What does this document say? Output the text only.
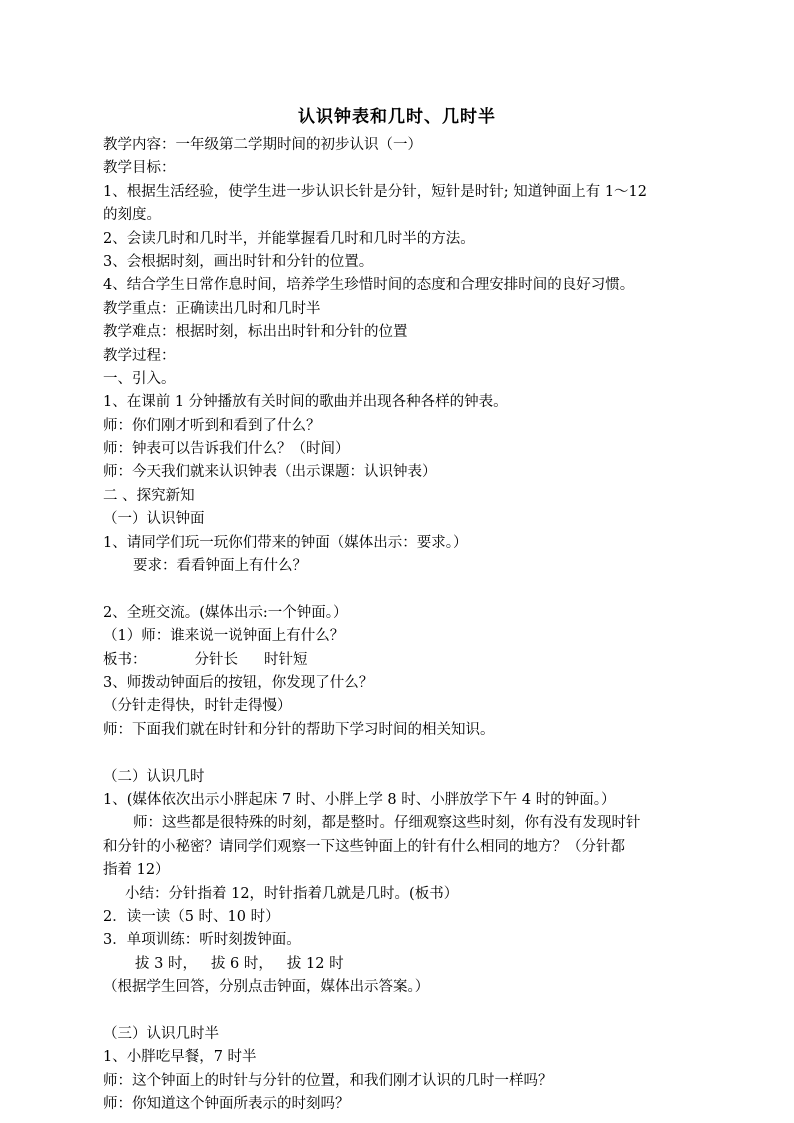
认识钟表和几时、几时半
教学内容：一年级第二学期时间的初步认识（一）
教学目标：
1、根据生活经验，使学生进一步认识长针是分针，短针是时针; 知道钟面上有 1～12
的刻度。
2、会读几时和几时半，并能掌握看几时和几时半的方法。
3、会根据时刻，画出时针和分针的位置。
4、结合学生日常作息时间，培养学生珍惜时间的态度和合理安排时间的良好习惯。
教学重点：正确读出几时和几时半
教学难点：根据时刻，标出出时针和分针的位置
教学过程：
一、引入。
1、在课前 1 分钟播放有关时间的歌曲并出现各种各样的钟表。
师：你们刚才听到和看到了什么？
师：钟表可以告诉我们什么？（时间）
师：今天我们就来认识钟表（出示课题：认识钟表）
二 、探究新知
（一）认识钟面
1、请同学们玩一玩你们带来的钟面（媒体出示：要求。）
要求：看看钟面上有什么？
2、全班交流。(媒体出示:一个钟面。）
（1）师：谁来说一说钟面上有什么？
板书：	分针长 时针短
3、师拨动钟面后的按钮，你发现了什么？
（分针走得快，时针走得慢）
师：下面我们就在时针和分针的帮助下学习时间的相关知识。
（二）认识几时
1、(媒体依次出示小胖起床 7 时、小胖上学 8 时、小胖放学下午 4 时的钟面。）
师：这些都是很特殊的时刻，都是整时。仔细观察这些时刻，你有没有发现时针
和分针的小秘密？请同学们观察一下这些钟面上的针有什么相同的地方？（分针都
指着 12）
小结：分针指着 12，时针指着几就是几时。(板书）
2．读一读（5 时、10 时）
3．单项训练：听时刻拨钟面。
拔 3 时， 拔 6 时， 拔 12 时
（根据学生回答，分别点击钟面，媒体出示答案。）
（三）认识几时半
1、小胖吃早餐，7 时半
师：这个钟面上的时针与分针的位置，和我们刚才认识的几时一样吗？
师：你知道这个钟面所表示的时刻吗？
